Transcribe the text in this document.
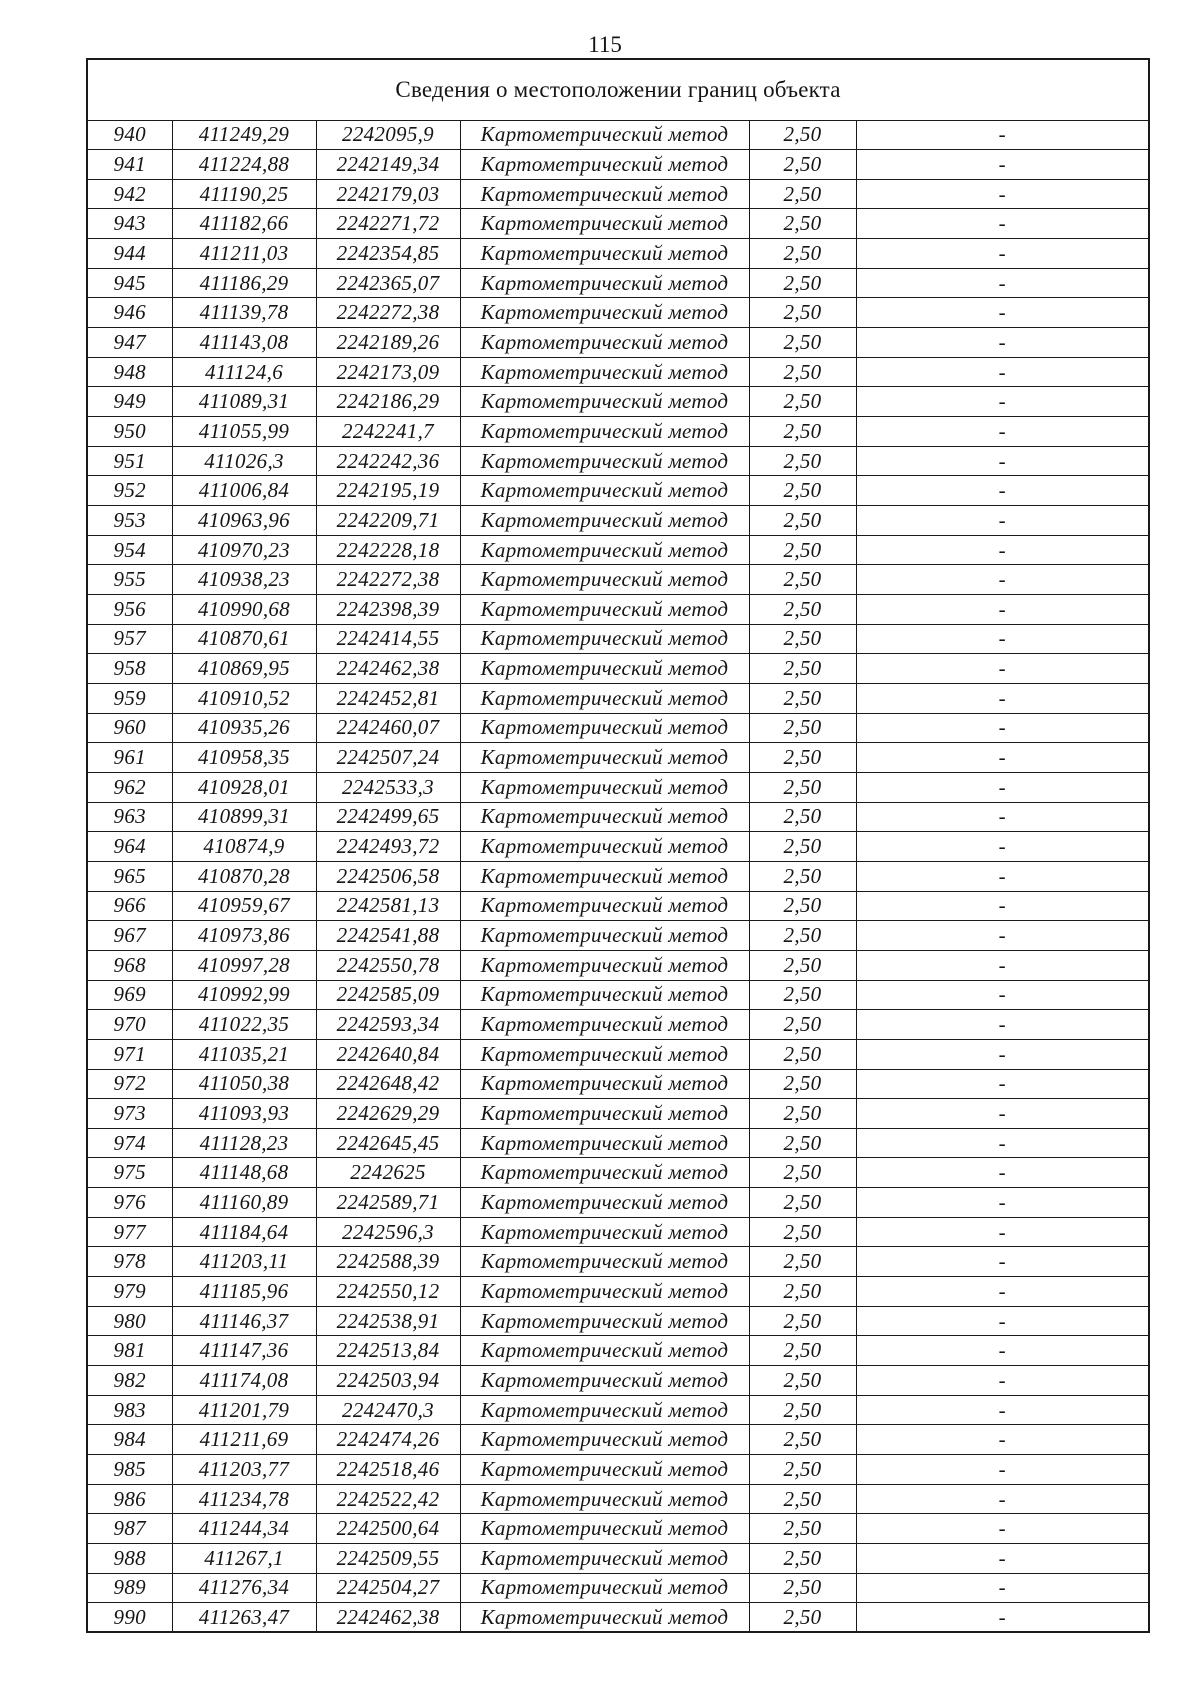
115
Сведения о местоположении границ объекта					
940	411249,29	2242095,9	Картометрический метод	2,50	-
941	411224,88	2242149,34	Картометрический метод	2,50	-
942	411190,25	2242179,03	Картометрический метод	2,50	-
943	411182,66	2242271,72	Картометрический метод	2,50	-
944	411211,03	2242354,85	Картометрический метод	2,50	-
945	411186,29	2242365,07	Картометрический метод	2,50	-
946	411139,78	2242272,38	Картометрический метод	2,50	-
947	411143,08	2242189,26	Картометрический метод	2,50	-
948	411124,6	2242173,09	Картометрический метод	2,50	-
949	411089,31	2242186,29	Картометрический метод	2,50	-
950	411055,99	2242241,7	Картометрический метод	2,50	-
951	411026,3	2242242,36	Картометрический метод	2,50	-
952	411006,84	2242195,19	Картометрический метод	2,50	-
953	410963,96	2242209,71	Картометрический метод	2,50	-
954	410970,23	2242228,18	Картометрический метод	2,50	-
955	410938,23	2242272,38	Картометрический метод	2,50	-
956	410990,68	2242398,39	Картометрический метод	2,50	-
957	410870,61	2242414,55	Картометрический метод	2,50	-
958	410869,95	2242462,38	Картометрический метод	2,50	-
959	410910,52	2242452,81	Картометрический метод	2,50	-
960	410935,26	2242460,07	Картометрический метод	2,50	-
961	410958,35	2242507,24	Картометрический метод	2,50	-
962	410928,01	2242533,3	Картометрический метод	2,50	-
963	410899,31	2242499,65	Картометрический метод	2,50	-
964	410874,9	2242493,72	Картометрический метод	2,50	-
965	410870,28	2242506,58	Картометрический метод	2,50	-
966	410959,67	2242581,13	Картометрический метод	2,50	-
967	410973,86	2242541,88	Картометрический метод	2,50	-
968	410997,28	2242550,78	Картометрический метод	2,50	-
969	410992,99	2242585,09	Картометрический метод	2,50	-
970	411022,35	2242593,34	Картометрический метод	2,50	-
971	411035,21	2242640,84	Картометрический метод	2,50	-
972	411050,38	2242648,42	Картометрический метод	2,50	-
973	411093,93	2242629,29	Картометрический метод	2,50	-
974	411128,23	2242645,45	Картометрический метод	2,50	-
975	411148,68	2242625	Картометрический метод	2,50	-
976	411160,89	2242589,71	Картометрический метод	2,50	-
977	411184,64	2242596,3	Картометрический метод	2,50	-
978	411203,11	2242588,39	Картометрический метод	2,50	-
979	411185,96	2242550,12	Картометрический метод	2,50	-
980	411146,37	2242538,91	Картометрический метод	2,50	-
981	411147,36	2242513,84	Картометрический метод	2,50	-
982	411174,08	2242503,94	Картометрический метод	2,50	-
983	411201,79	2242470,3	Картометрический метод	2,50	-
984	411211,69	2242474,26	Картометрический метод	2,50	-
985	411203,77	2242518,46	Картометрический метод	2,50	-
986	411234,78	2242522,42	Картометрический метод	2,50	-
987	411244,34	2242500,64	Картометрический метод	2,50	-
988	411267,1	2242509,55	Картометрический метод	2,50	-
989	411276,34	2242504,27	Картометрический метод	2,50	-
990	411263,47	2242462,38	Картометрический метод	2,50	-
